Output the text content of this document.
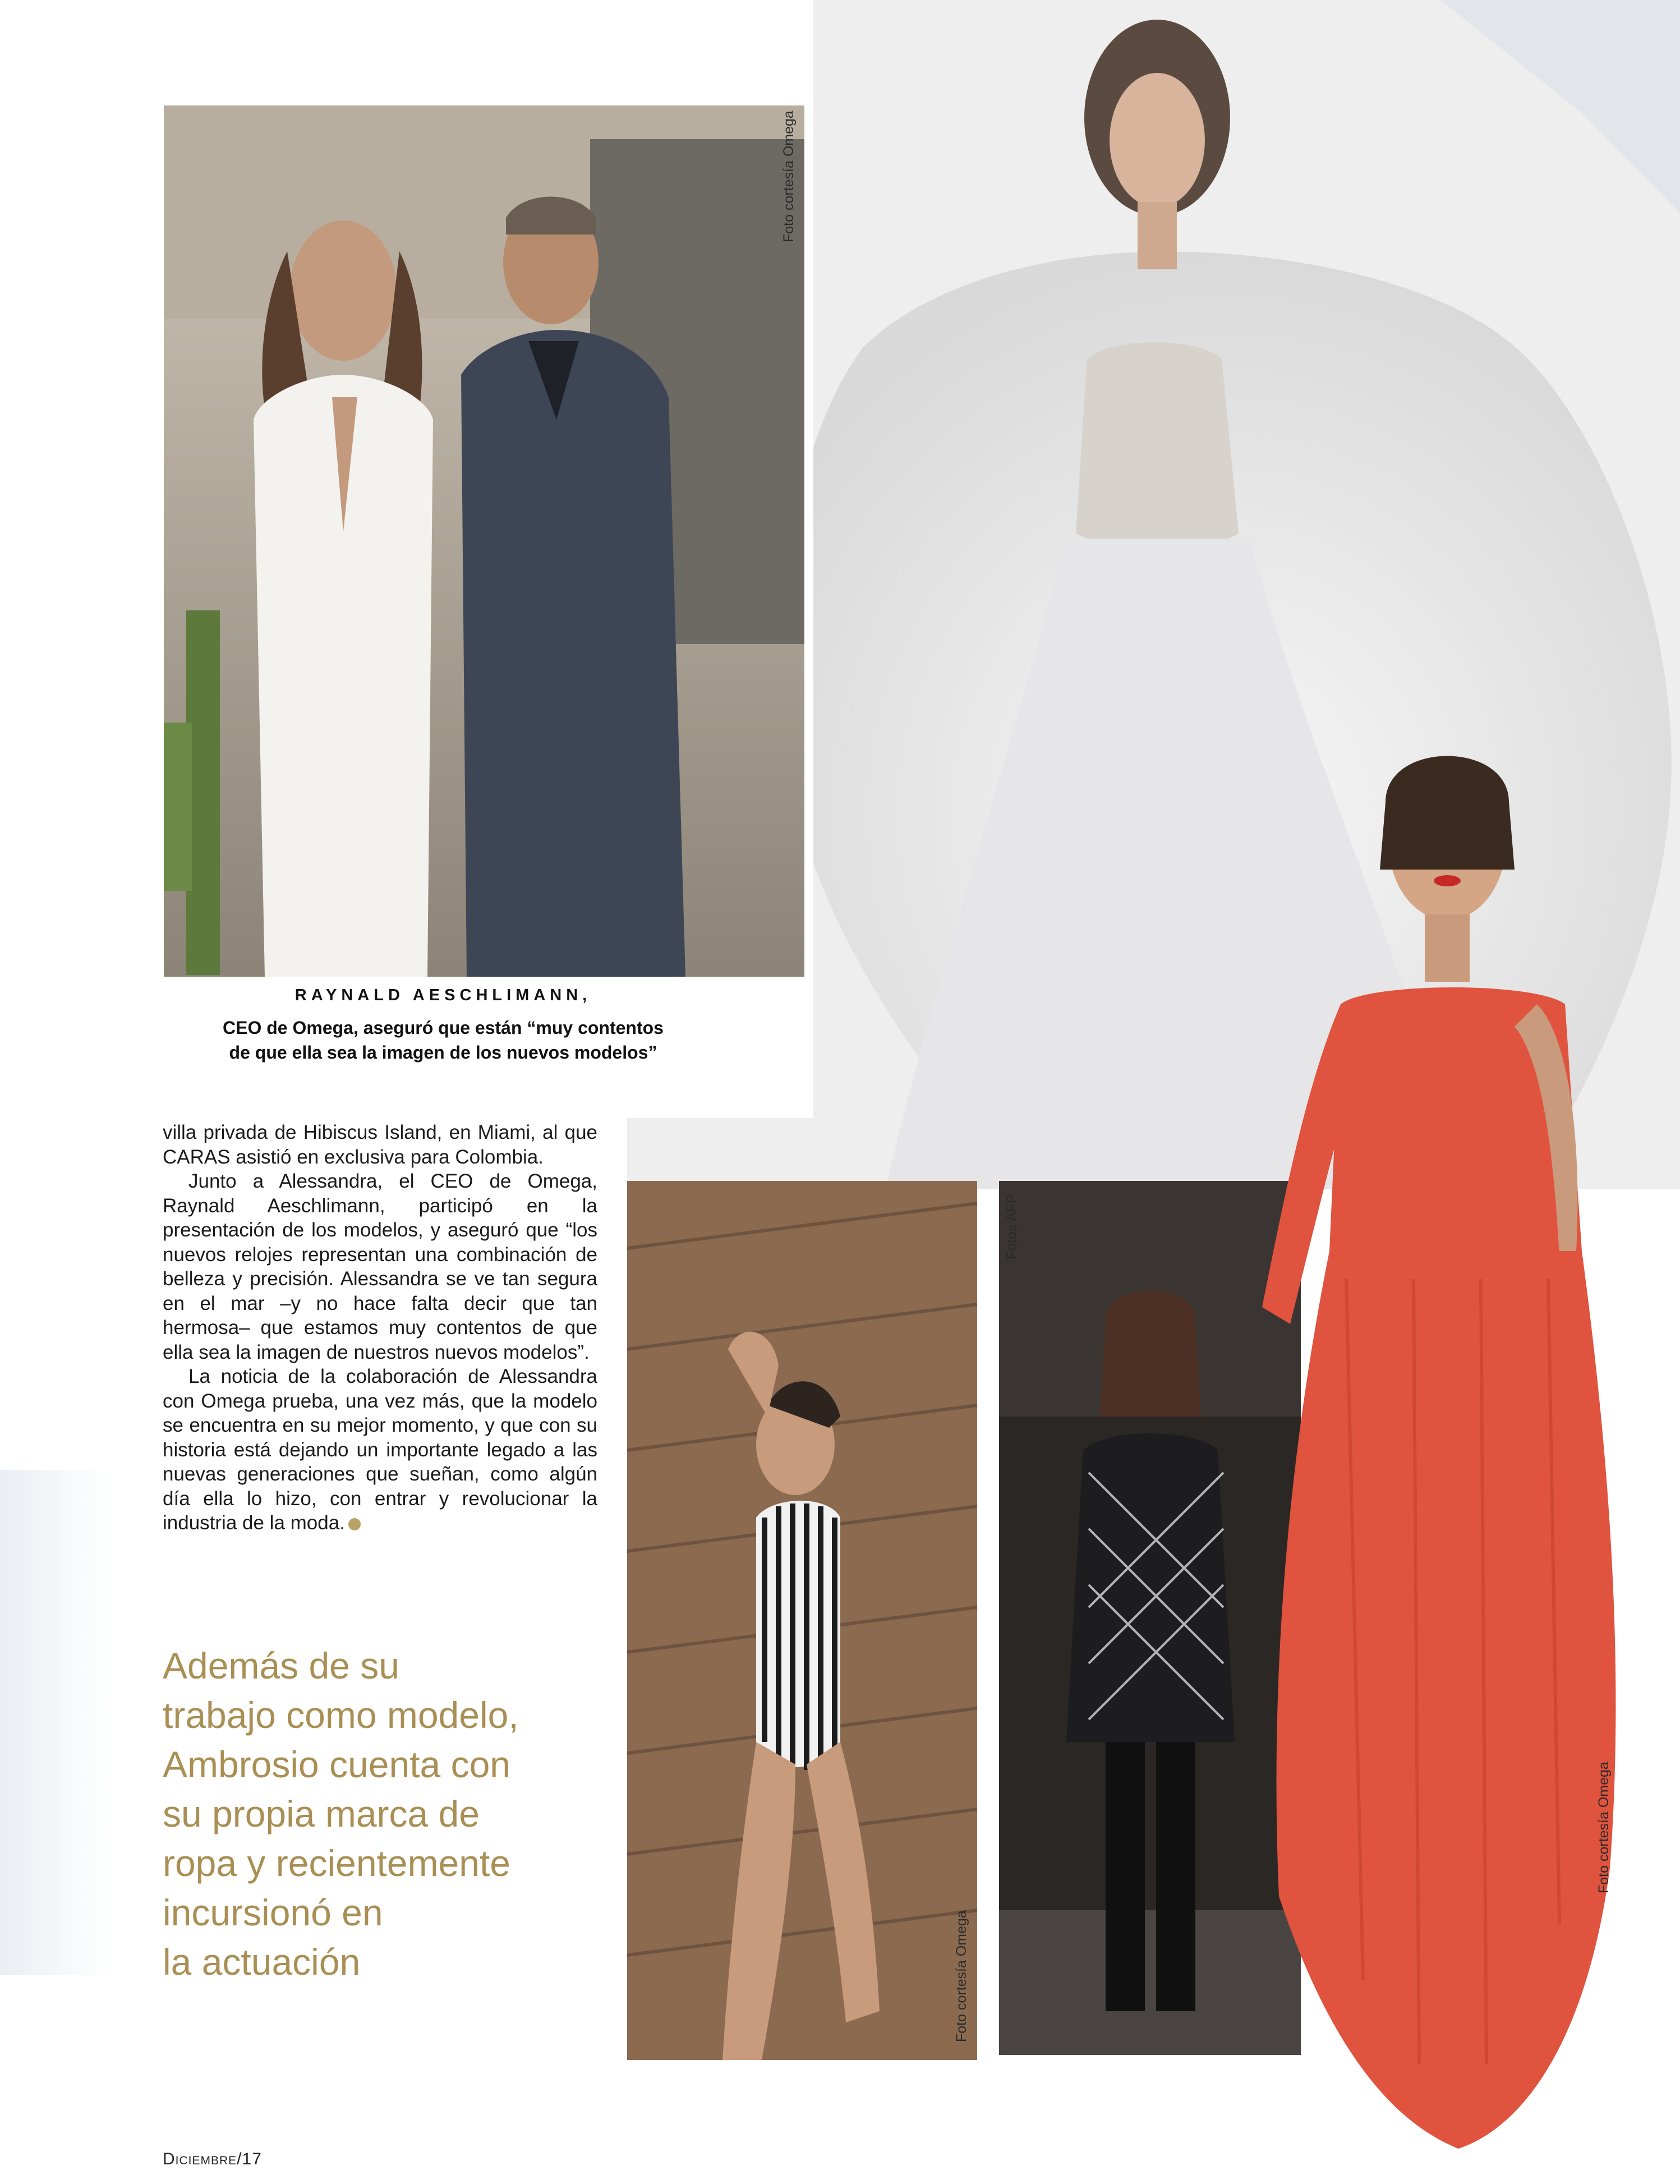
Foto cortesía Omega
RAYNALD AESCHLIMANN,
CEO de Omega, aseguró que están “muy contentos
de que ella sea la imagen de los nuevos modelos”
Foto cortesía Omega
Fotos AFP
Foto cortesía Omega

villa privada de Hibiscus Island, en Miami, al que CARAS asistió en exclusiva para Colombia.

Junto a Alessandra, el CEO de Omega, Raynald Aeschlimann, participó en la presentación de los modelos, y aseguró que “los nuevos relojes representan una combinación de belleza y precisión. Alessandra se ve tan segura en el mar –y no hace falta decir que tan hermosa– que estamos muy contentos de que ella sea la imagen de nuestros nuevos modelos”.

La noticia de la colaboración de Alessandra con Omega prueba, una vez más, que la modelo se encuentra en su mejor momento, y que con su historia está dejando un importante legado a las nuevas generaciones que sueñan, como algún día ella lo hizo, con entrar y revolucionar la industria de la moda.

Además de su
trabajo como modelo,
Ambrosio cuenta con
su propia marca de
ropa y recientemente
incursionó en
la actuación
Diciembre/17
